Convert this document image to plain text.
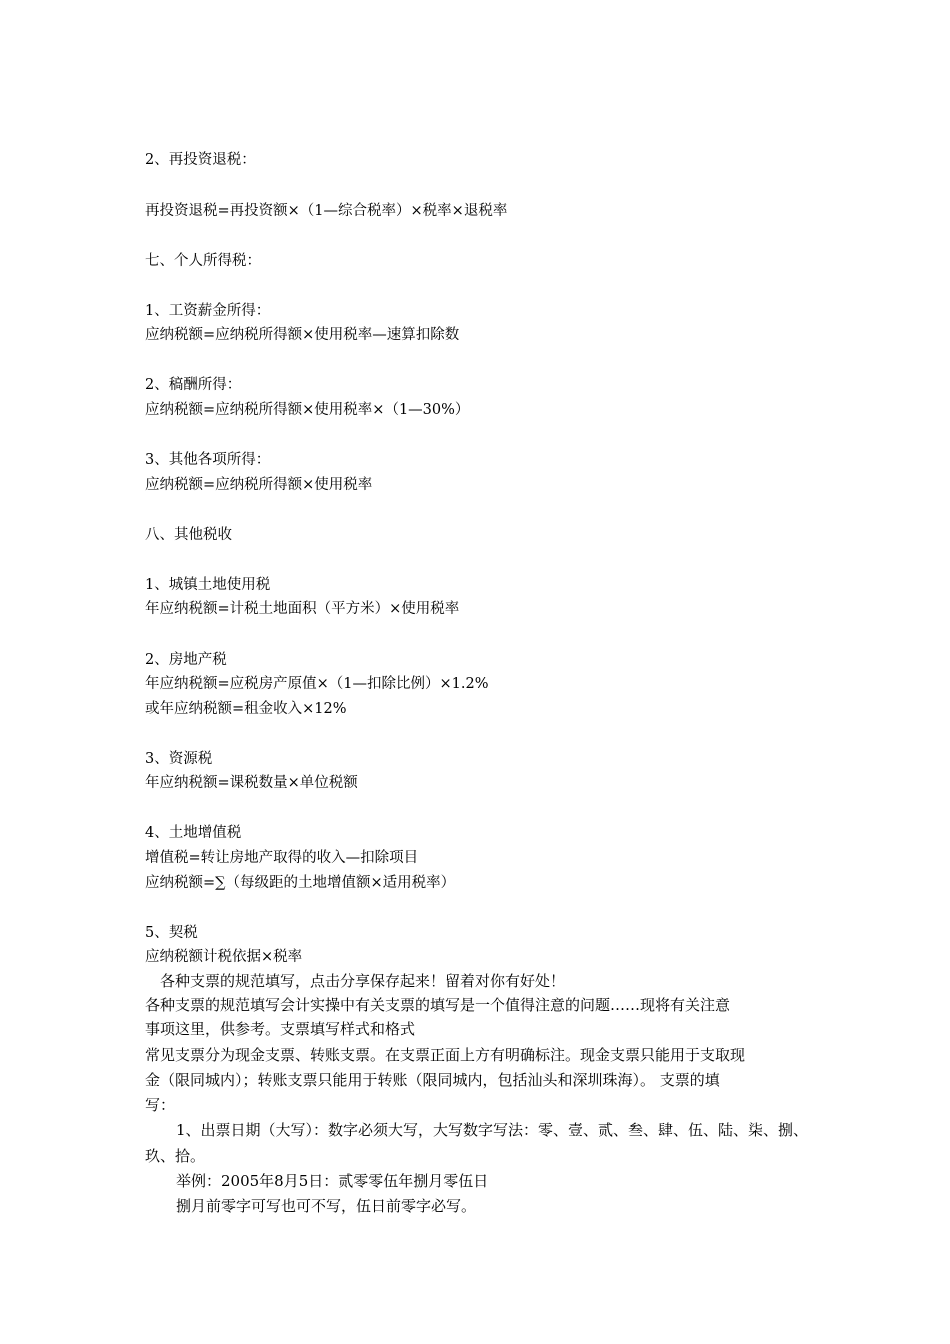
2、再投资退税：

再投资退税=再投资额×（1—综合税率）×税率×退税率

七、个人所得税：

1、工资薪金所得：

应纳税额=应纳税所得额×使用税率—速算扣除数

2、稿酬所得：

应纳税额=应纳税所得额×使用税率×（1—30%）

3、其他各项所得：

应纳税额=应纳税所得额×使用税率

八、其他税收

1、城镇土地使用税

年应纳税额=计税土地面积（平方米）×使用税率

2、房地产税

年应纳税额=应税房产原值×（1—扣除比例）×1.2%

或年应纳税额=租金收入×12%

3、资源税

年应纳税额=课税数量×单位税额

4、土地增值税

增值税=转让房地产取得的收入—扣除项目

应纳税额=∑（每级距的土地增值额×适用税率）

5、契税

应纳税额计税依据×税率

各种支票的规范填写，点击分享保存起来！留着对你有好处！

各种支票的规范填写会计实操中有关支票的填写是一个值得注意的问题……现将有关注意

事项这里，供参考。支票填写样式和格式

常见支票分为现金支票、转账支票。在支票正面上方有明确标注。现金支票只能用于支取现

金（限同城内）；转账支票只能用于转账（限同城内，包括汕头和深圳珠海）。 支票的填

写：

1、出票日期（大写）：数字必须大写，大写数字写法：零、壹、贰、叁、肆、伍、陆、柒、捌、

玖、拾。

举例：2005年8月5日：贰零零伍年捌月零伍日

捌月前零字可写也可不写，伍日前零字必写。
